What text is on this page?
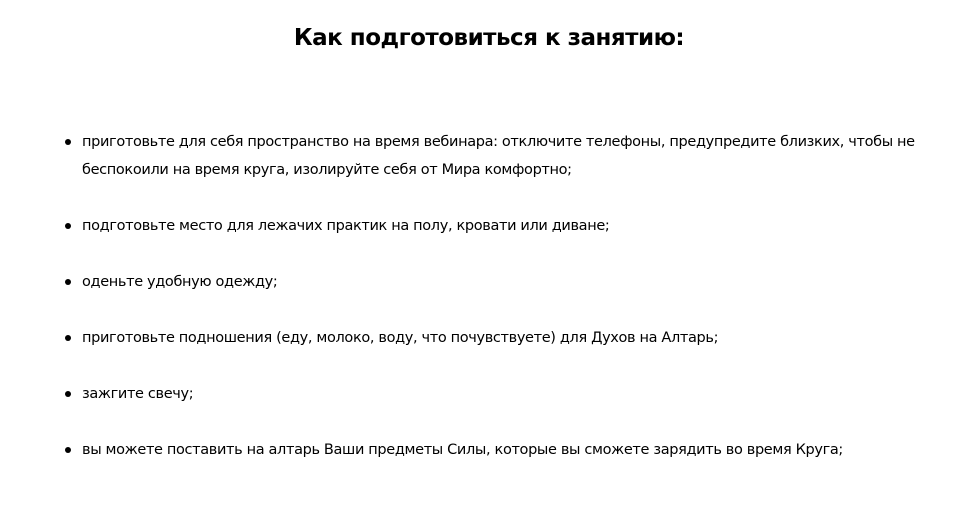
Как подготовиться к занятию:
приготовьте для себя пространство на время вебинара: отключите телефоны, предупредите близких, чтобы не беспокоили на время круга, изолируйте себя от Мира комфортно;
подготовьте место для лежачих практик на полу, кровати или диване;
оденьте удобную одежду;
приготовьте подношения (еду, молоко, воду, что почувствуете) для Духов на Алтарь;
зажгите свечу;
вы можете поставить на алтарь Ваши предметы Силы, которые вы сможете зарядить во время Круга;
